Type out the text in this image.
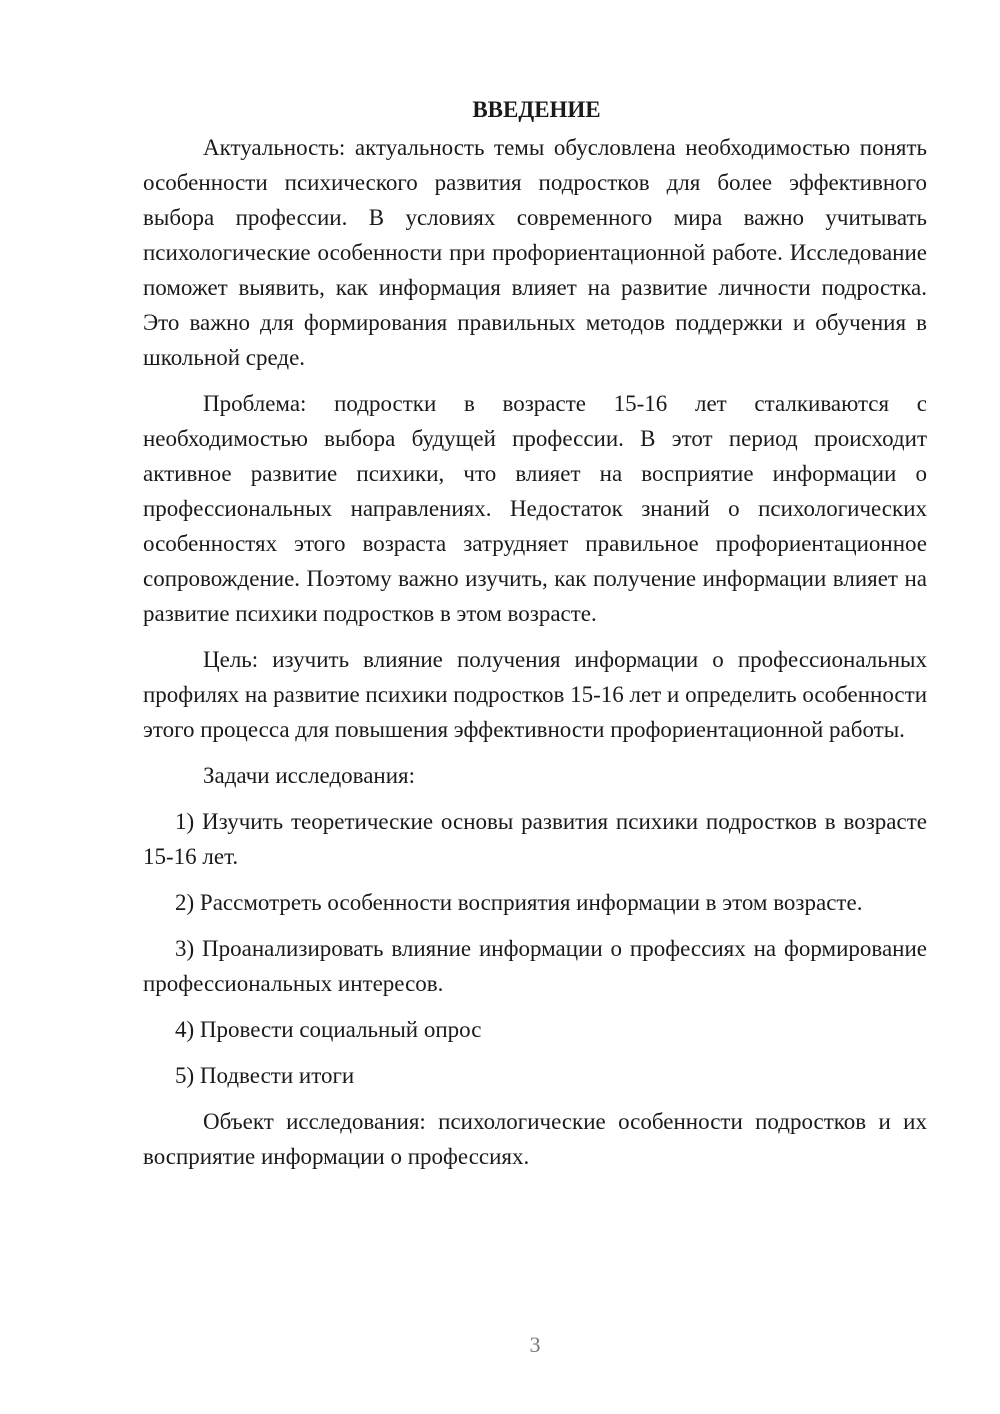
ВВЕДЕНИЕ

Актуальность: актуальность темы обусловлена необходимостью понять особенности психического развития подростков для более эффективного выбора профессии. В условиях современного мира важно учитывать психологические особенности при профориентационной работе. Исследование поможет выявить, как информация влияет на развитие личности подростка. Это важно для формирования правильных методов поддержки и обучения в школьной среде.

Проблема: подростки в возрасте 15-16 лет сталкиваются с необходимостью выбора будущей профессии. В этот период происходит активное развитие психики, что влияет на восприятие информации о профессиональных направлениях. Недостаток знаний о психологических особенностях этого возраста затрудняет правильное профориентационное сопровождение. Поэтому важно изучить, как получение информации влияет на развитие психики подростков в этом возрасте.

Цель: изучить влияние получения информации о профессиональных профилях на развитие психики подростков 15-16 лет и определить особенности этого процесса для повышения эффективности профориентационной работы.

Задачи исследования:

1) Изучить теоретические основы развития психики подростков в возрасте 15-16 лет.

2) Рассмотреть особенности восприятия информации в этом возрасте.

3) Проанализировать влияние информации о профессиях на формирование профессиональных интересов.

4) Провести социальный опрос

5) Подвести итоги

Объект исследования: психологические особенности подростков и их восприятие информации о профессиях.

3
